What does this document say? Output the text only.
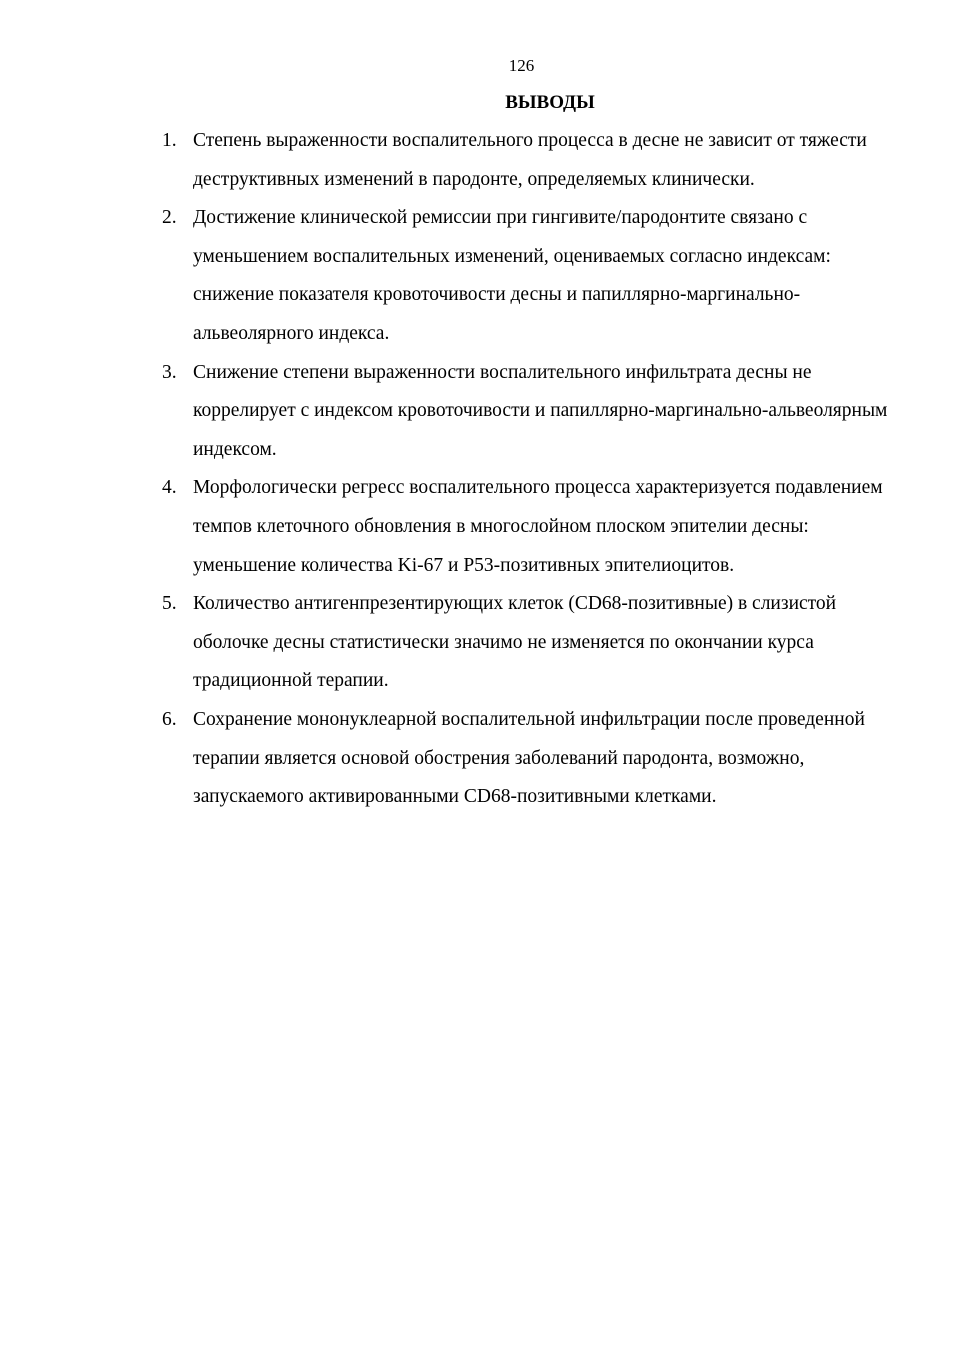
126
ВЫВОДЫ
1. Степень выраженности воспалительного процесса в десне не зависит от тяжести деструктивных изменений в пародонте, определяемых клинически.
2. Достижение клинической ремиссии при гингивите/пародонтите связано с уменьшением воспалительных изменений, оцениваемых согласно индексам: снижение показателя кровоточивости десны и папиллярно-маргинально-альвеолярного индекса.
3. Снижение степени выраженности воспалительного инфильтрата десны не коррелирует с индексом кровоточивости и папиллярно-маргинально-альвеолярным индексом.
4. Морфологически регресс воспалительного процесса характеризуется подавлением темпов клеточного обновления в многослойном плоском эпителии десны: уменьшение количества Ki-67 и P53-позитивных эпителиоцитов.
5. Количество антигенпрезентирующих клеток (CD68-позитивные) в слизистой оболочке десны статистически значимо не изменяется по окончании курса традиционной терапии.
6. Сохранение мононуклеарной воспалительной инфильтрации после проведенной терапии является основой обострения заболеваний пародонта, возможно, запускаемого активированными CD68-позитивными клетками.
